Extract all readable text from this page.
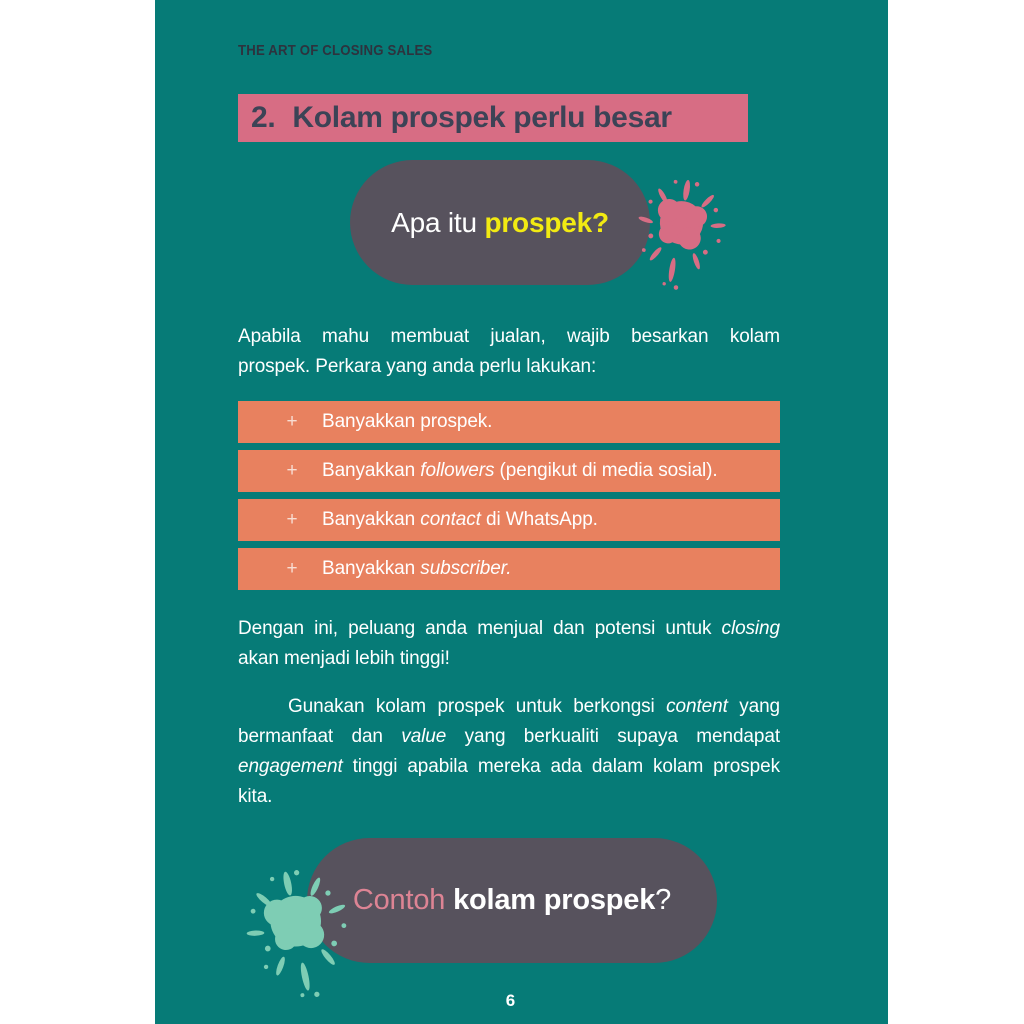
THE ART OF CLOSING SALES
2. Kolam prospek perlu besar
Apa itu prospek?

Apabila mahu membuat jualan, wajib besarkan kolam
prospek. Perkara yang anda perlu lakukan:

+ Banyakkan prospek.
+ Banyakkan followers (pengikut di media sosial).
+ Banyakkan contact di WhatsApp.
+ Banyakkan subscriber.

Dengan ini, peluang anda menjual dan potensi untuk closing
akan menjadi lebih tinggi!

Gunakan kolam prospek untuk berkongsi content yang
bermanfaat dan value yang berkualiti supaya mendapat
engagement tinggi apabila mereka ada dalam kolam prospek
kita.

Contoh kolam prospek?
6
